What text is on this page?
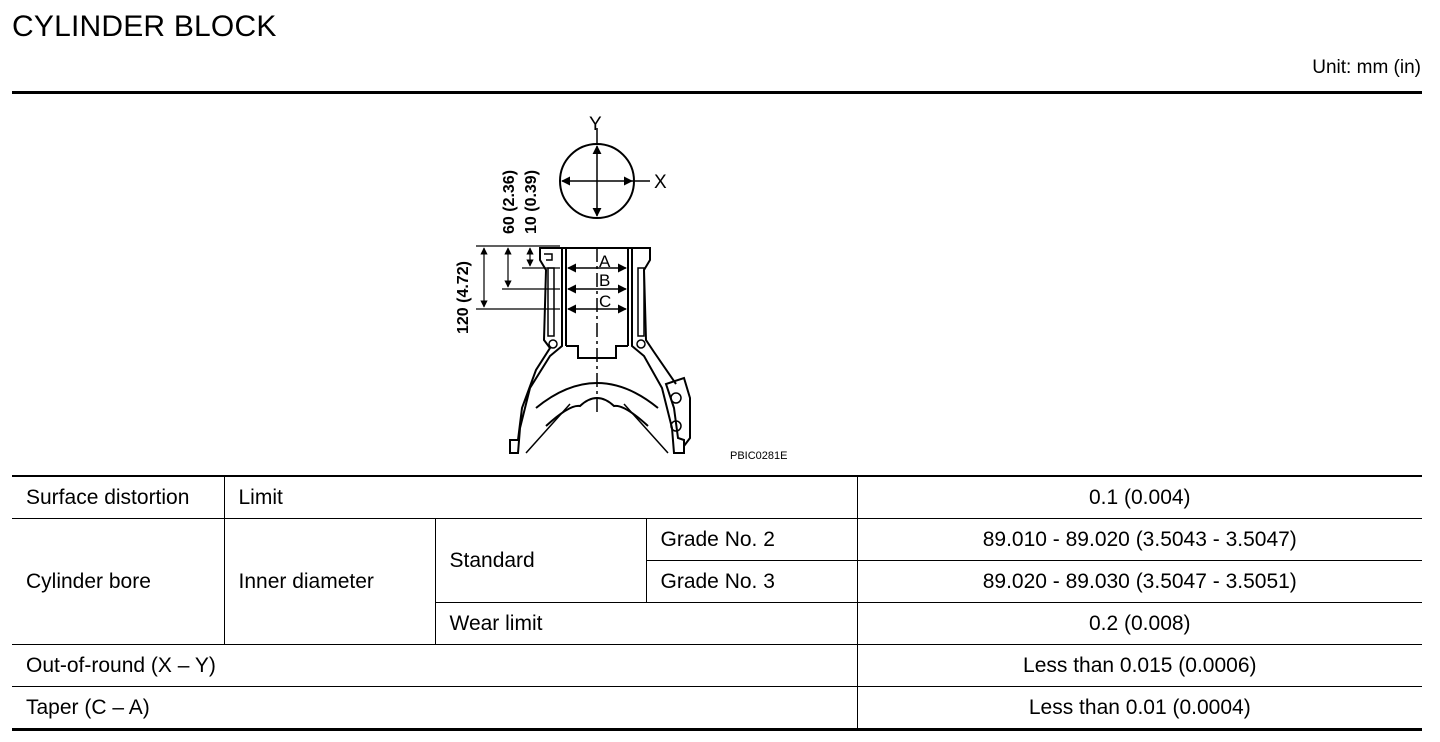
CYLINDER BLOCK
Unit: mm (in)
Y
X
A
B
C
60 (2.36) 10 (0.39)
120 (4.72)
PBIC0281E
Surface distortion	Limit			0.1 (0.004)
Cylinder bore	Inner diameter	Standard	Grade No. 2	89.010 - 89.020 (3.5043 - 3.5047)
			Grade No. 3	89.020 - 89.030 (3.5047 - 3.5051)
		Wear limit		0.2 (0.008)
Out-of-round (X – Y)				Less than 0.015 (0.0006)
Taper (C – A)				Less than 0.01 (0.0004)
